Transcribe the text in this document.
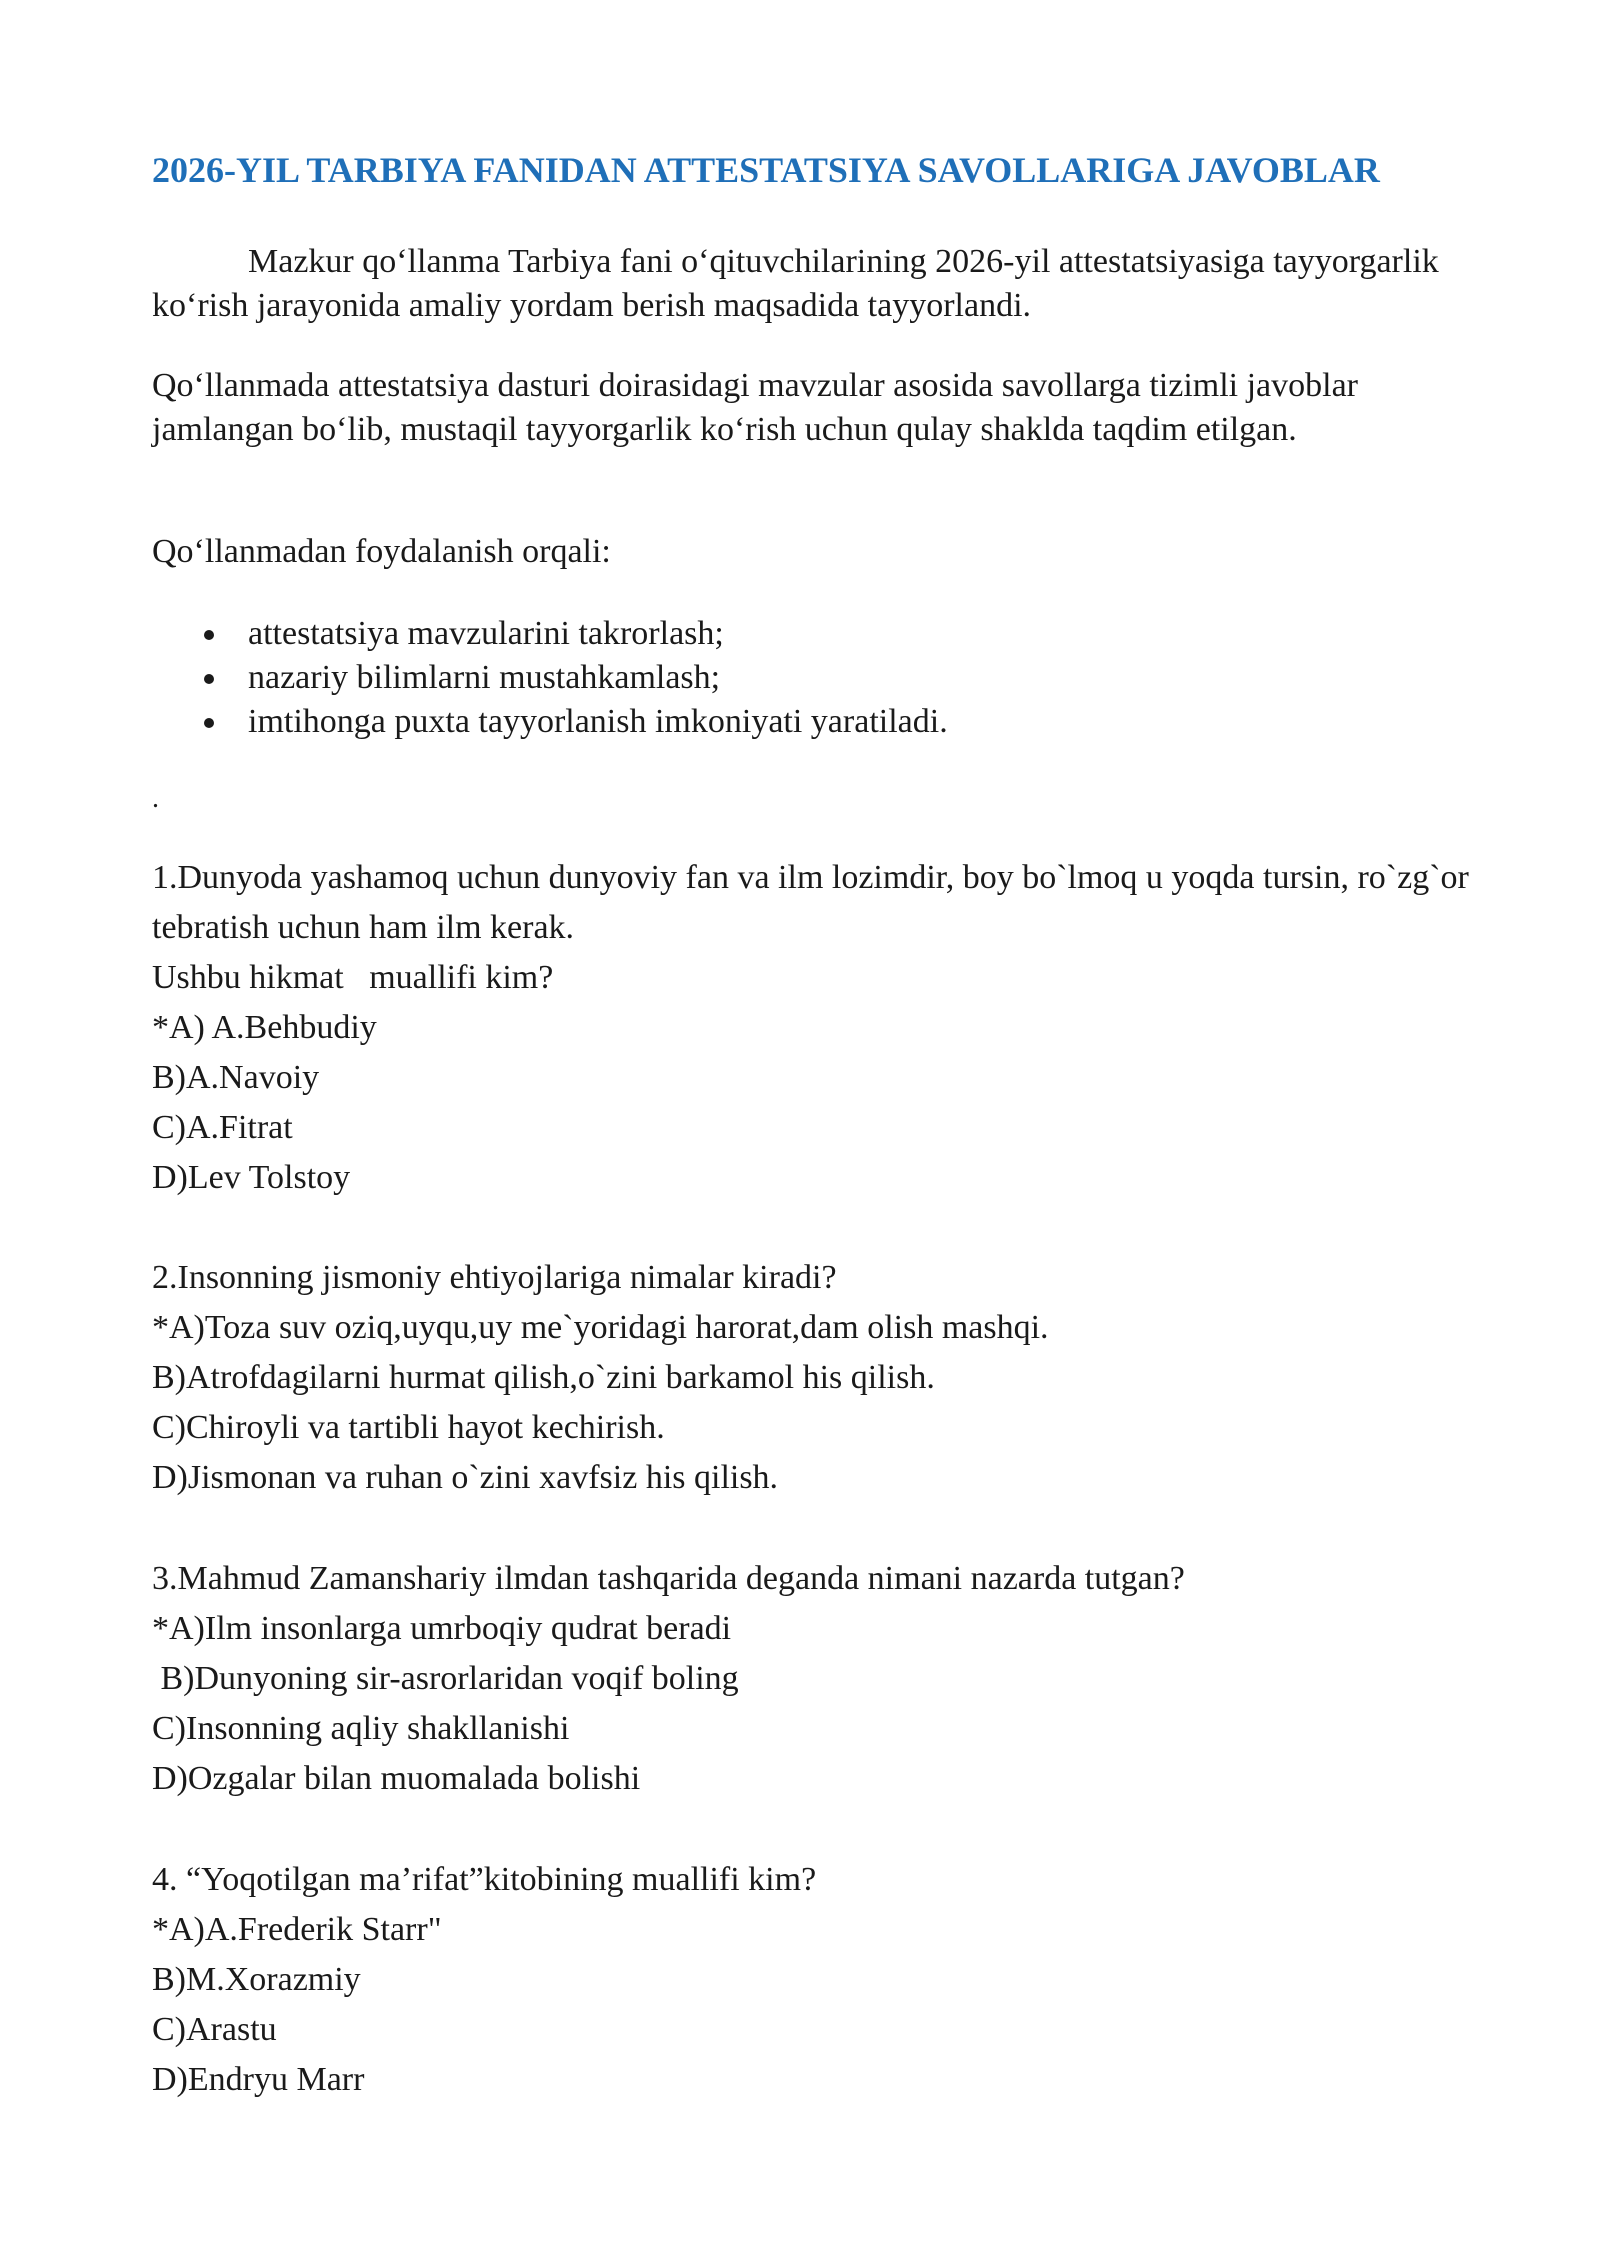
2026-YIL TARBIYA FANIDAN ATTESTATSIYA SAVOLLARIGA JAVOBLAR

Mazkur qo‘llanma Tarbiya fani o‘qituvchilarining 2026-yil attestatsiyasiga tayyorgarlik ko‘rish jarayonida amaliy yordam berish maqsadida tayyorlandi.

Qo‘llanmada attestatsiya dasturi doirasidagi mavzular asosida savollarga tizimli javoblar jamlangan bo‘lib, mustaqil tayyorgarlik ko‘rish uchun qulay shaklda taqdim etilgan.

Qo‘llanmadan foydalanish orqali:

attestatsiya mavzularini takrorlash;
nazariy bilimlarni mustahkamlash;
imtihonga puxta tayyorlanish imkoniyati yaratiladi.
.
1.Dunyoda yashamoq uchun dunyoviy fan va ilm lozimdir, boy bo`lmoq u yoqda tursin, ro`zg`or tebratish uchun ham ilm kerak.
Ushbu hikmat   muallifi kim?
*A) A.Behbudiy
B)A.Navoiy
C)A.Fitrat
D)Lev Tolstoy
2.Insonning jismoniy ehtiyojlariga nimalar kiradi?
*A)Toza suv oziq,uyqu,uy me`yoridagi harorat,dam olish mashqi.
B)Atrofdagilarni hurmat qilish,o`zini barkamol his qilish.
C)Chiroyli va tartibli hayot kechirish.
D)Jismonan va ruhan o`zini xavfsiz his qilish.
3.Mahmud Zamanshariy ilmdan tashqarida deganda nimani nazarda tutgan?
*A)Ilm insonlarga umrboqiy qudrat beradi
B)Dunyoning sir-asrorlaridan voqif boling
C)Insonning aqliy shakllanishi
D)Ozgalar bilan muomalada bolishi
4. “Yoqotilgan ma’rifat”kitobining muallifi kim?
*A)A.Frederik Starr"
B)M.Xorazmiy
C)Arastu
D)Endryu Marr
